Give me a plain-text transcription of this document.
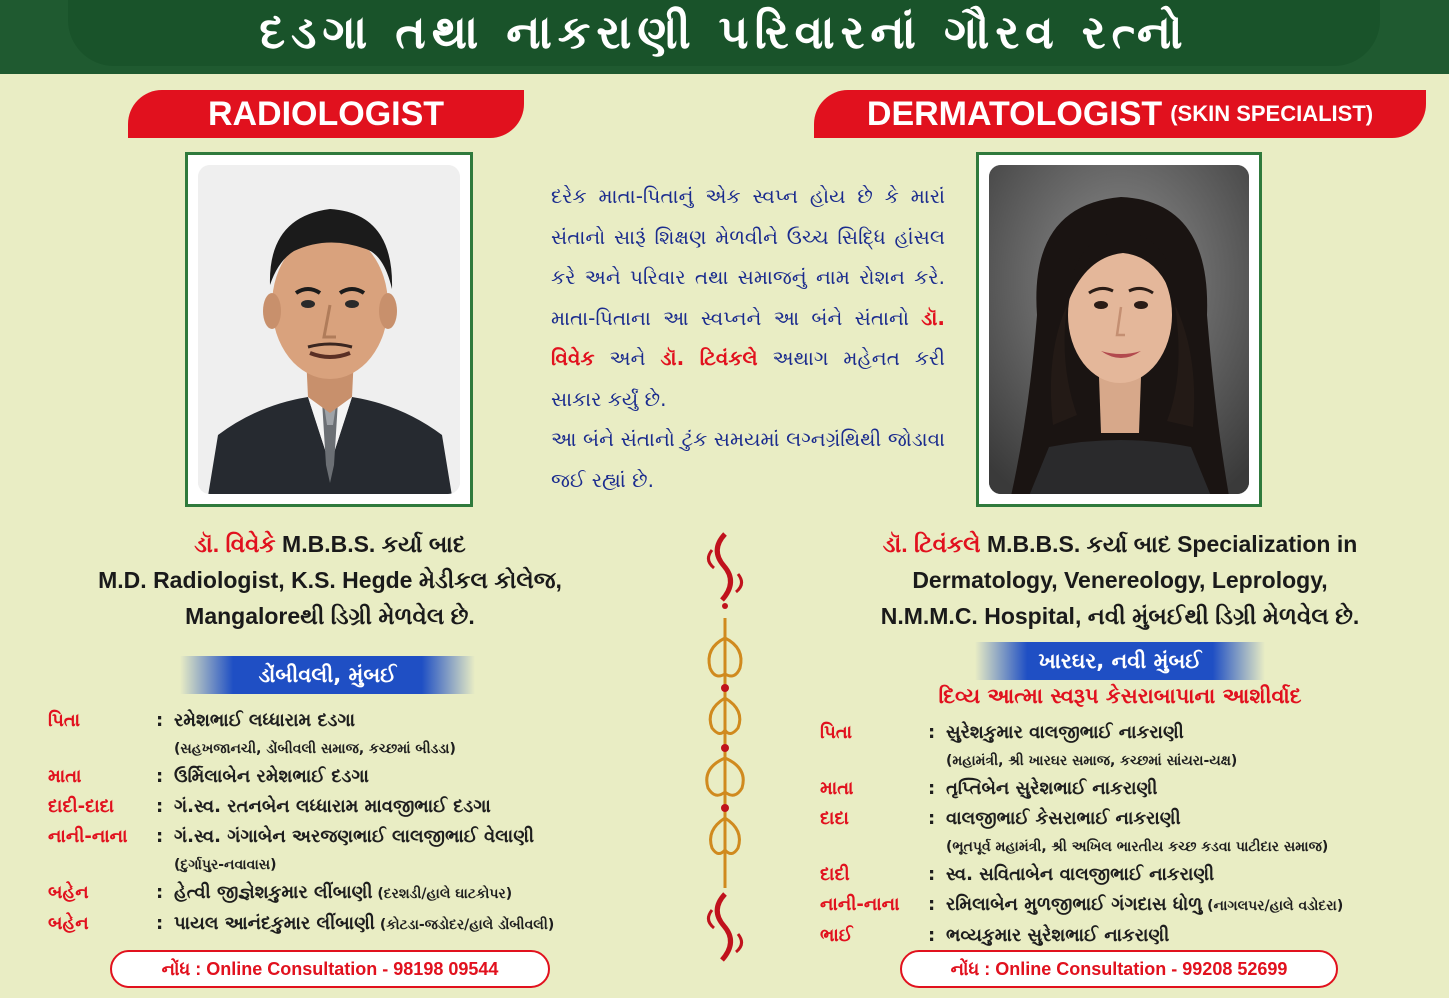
દડગા તથા નાકરાણી પરિવારનાં ગૌરવ રત્નો
RADIOLOGIST	DERMATOLOGIST (SKIN SPECIALIST)

દરેક માતા-પિતાનું એક સ્વપ્ન હોય છે કે મારાં સંતાનો સારૂં શિક્ષણ મેળવીને ઉચ્ચ સિદ્ધિ હાંસલ કરે અને પરિવાર તથા સમાજનું નામ રોશન કરે. માતા-પિતાના આ સ્વપ્નને આ બંને સંતાનો ડૉ. વિવેક અને ડૉ. ટિવંકલે અથાગ મહેનત કરી સાકાર કર્યું છે.

આ બંને સંતાનો ટુંક સમયમાં લગ્નગ્રંથિથી જોડાવા જઈ રહ્યાં છે.

ડૉ. વિવેકે M.B.B.S. કર્યા બાદ
M.D. Radiologist, K.S. Hegde મેડીકલ કોલેજ,
Mangaloreથી ડિગ્રી મેળવેલ છે.
ડૉ. ટિવંકલે M.B.B.S. કર્યા બાદ Specialization in
Dermatology, Venereology, Leprology,
N.M.M.C. Hospital, નવી મુંબઈથી ડિગ્રી મેળવેલ છે.
ડોંબીવલી, મુંબઈ
ખારઘર, નવી મુંબઈ
દિવ્ય આત્મા સ્વરૂપ કેસરાબાપાના આશીર્વાદ
પિતા	: રમેશભાઈ લધ્ધારામ દડગા
(સહખજાનચી, ડોંબીવલી સમાજ, કચ્છમાં બીડડા)
માતા	: ઉર્મિલાબેન રમેશભાઈ દડગા
દાદી-દાદા	: ગં.સ્વ. રતનબેન લધ્ધારામ માવજીભાઈ દડગા
નાની-નાના	: ગં.સ્વ. ગંગાબેન અરજણભાઈ લાલજીભાઈ વેલાણી
(દુર્ગાપુર-નવાવાસ)
બહેન	: હેત્વી જીજ્ઞેશકુમાર લીંબાણી (દરશડી/હાલે ઘાટકોપર)
બહેન	: પાયલ આનંદકુમાર લીંબાણી (કોટડા-જડોદર/હાલે ડોંબીવલી)
પિતા	: સુરેશકુમાર વાલજીભાઈ નાકરાણી
(મહામંત્રી, શ્રી ખારઘર સમાજ, કચ્છમાં સાંયરા-યક્ષ)
માતા	: તૃપ્તિબેન સુરેશભાઈ નાકરાણી
દાદા	: વાલજીભાઈ કેસરાભાઈ નાકરાણી
(ભૂતપૂર્વ મહામંત્રી, શ્રી અખિલ ભારતીય કચ્છ કડવા પાટીદાર સમાજ)
દાદી	: સ્વ. સવિતાબેન વાલજીભાઈ નાકરાણી
નાની-નાના	: રમિલાબેન મુળજીભાઈ ગંગદાસ ધોળુ (નાગલપર/હાલે વડોદરા)
ભાઈ	: ભવ્યકુમાર સુરેશભાઈ નાકરાણી
નોંધ : Online Consultation - 98198 09544	નોંધ : Online Consultation - 99208 52699
